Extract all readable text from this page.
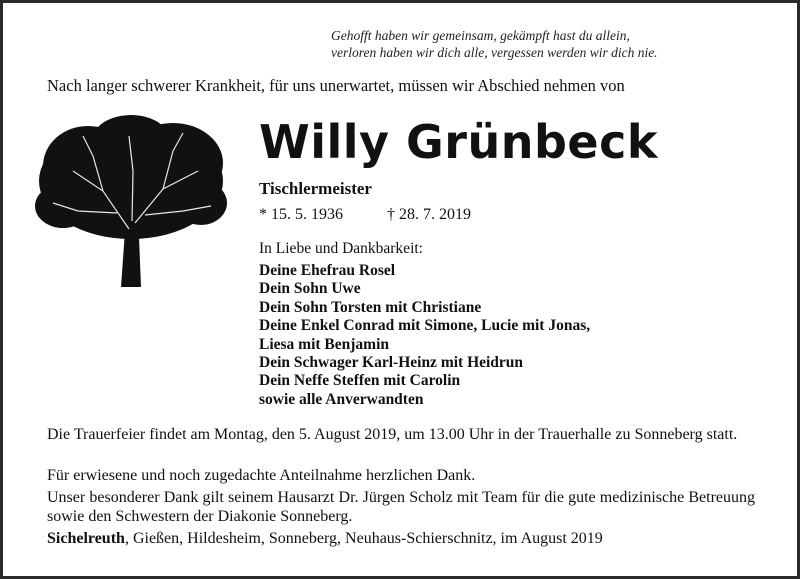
Gehofft haben wir gemeinsam, gekämpft hast du allein,
verloren haben wir dich alle, vergessen werden wir dich nie.
Nach langer schwerer Krankheit, für uns unerwartet, müssen wir Abschied nehmen von
Willy Grünbeck
Tischlermeister
* 15. 5. 1936	† 28. 7. 2019
In Liebe und Dankbarkeit:
Deine Ehefrau Rosel
Dein Sohn Uwe
Dein Sohn Torsten mit Christiane
Deine Enkel Conrad mit Simone, Lucie mit Jonas,
Liesa mit Benjamin
Dein Schwager Karl-Heinz mit Heidrun
Dein Neffe Steffen mit Carolin
sowie alle Anverwandten
Die Trauerfeier findet am Montag, den 5. August 2019, um 13.00 Uhr in der Trauerhalle zu Sonneberg statt.
Für erwiesene und noch zugedachte Anteilnahme herzlichen Dank.
Unser besonderer Dank gilt seinem Hausarzt Dr. Jürgen Scholz mit Team für die gute medizinische Betreuung sowie den Schwestern der Diakonie Sonneberg.
Sichelreuth, Gießen, Hildesheim, Sonneberg, Neuhaus-Schierschnitz, im August 2019
